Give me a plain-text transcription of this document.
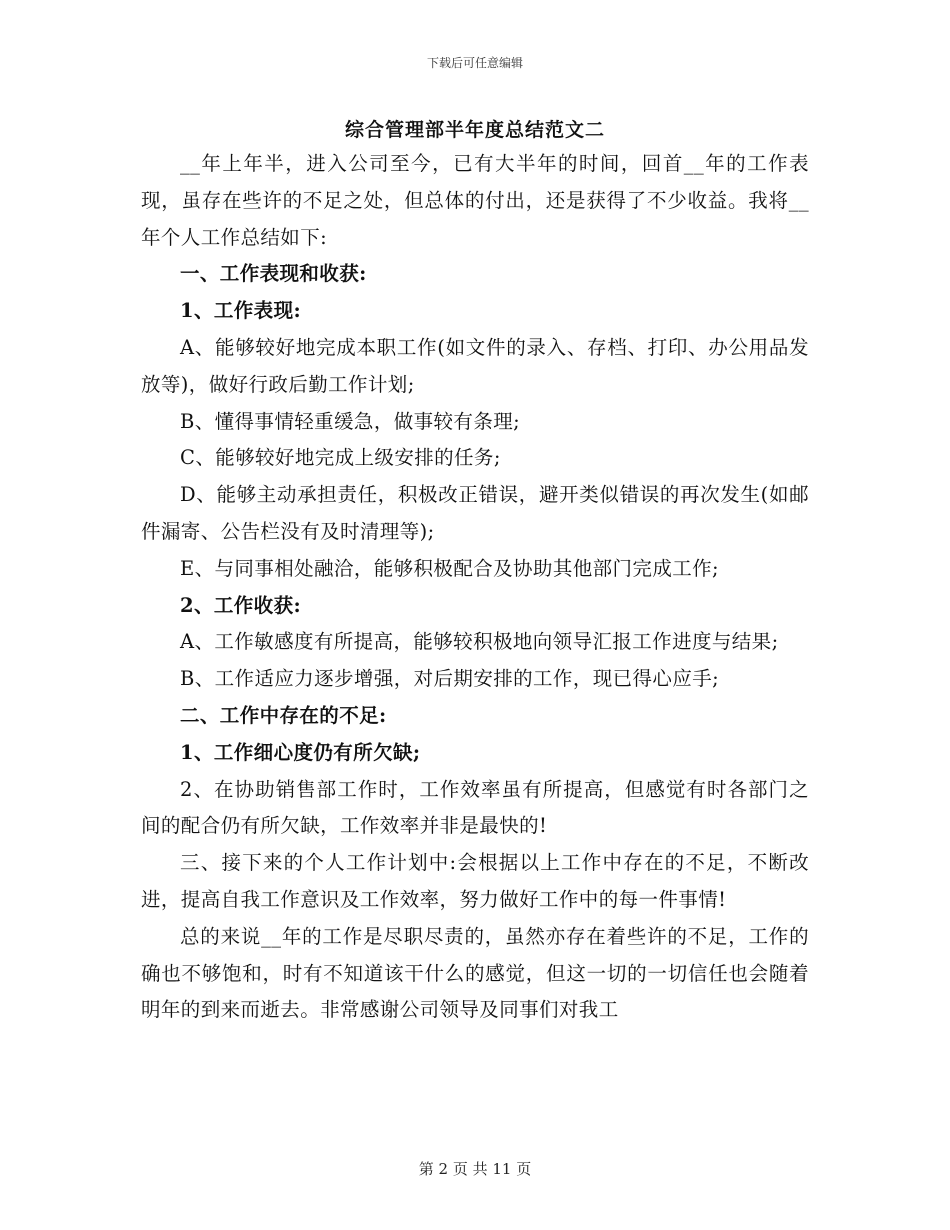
下载后可任意编辑
综合管理部半年度总结范文二

__年上年半，进入公司至今，已有大半年的时间，回首__年的工作表现，虽存在些许的不足之处，但总体的付出，还是获得了不少收益。我将__年个人工作总结如下:

一、工作表现和收获:

1、工作表现:

A、能够较好地完成本职工作(如文件的录入、存档、打印、办公用品发放等)，做好行政后勤工作计划;

B、懂得事情轻重缓急，做事较有条理;

C、能够较好地完成上级安排的任务;

D、能够主动承担责任，积极改正错误，避开类似错误的再次发生(如邮件漏寄、公告栏没有及时清理等);

E、与同事相处融洽，能够积极配合及协助其他部门完成工作;

2、工作收获:

A、工作敏感度有所提高，能够较积极地向领导汇报工作进度与结果;

B、工作适应力逐步增强，对后期安排的工作，现已得心应手;

二、工作中存在的不足:

1、工作细心度仍有所欠缺;

2、在协助销售部工作时，工作效率虽有所提高，但感觉有时各部门之间的配合仍有所欠缺，工作效率并非是最快的!

三、接下来的个人工作计划中:会根据以上工作中存在的不足，不断改进，提高自我工作意识及工作效率，努力做好工作中的每一件事情!

总的来说__年的工作是尽职尽责的，虽然亦存在着些许的不足，工作的确也不够饱和，时有不知道该干什么的感觉，但这一切的一切信任也会随着明年的到来而逝去。非常感谢公司领导及同事们对我工

第 2 页 共 11 页
